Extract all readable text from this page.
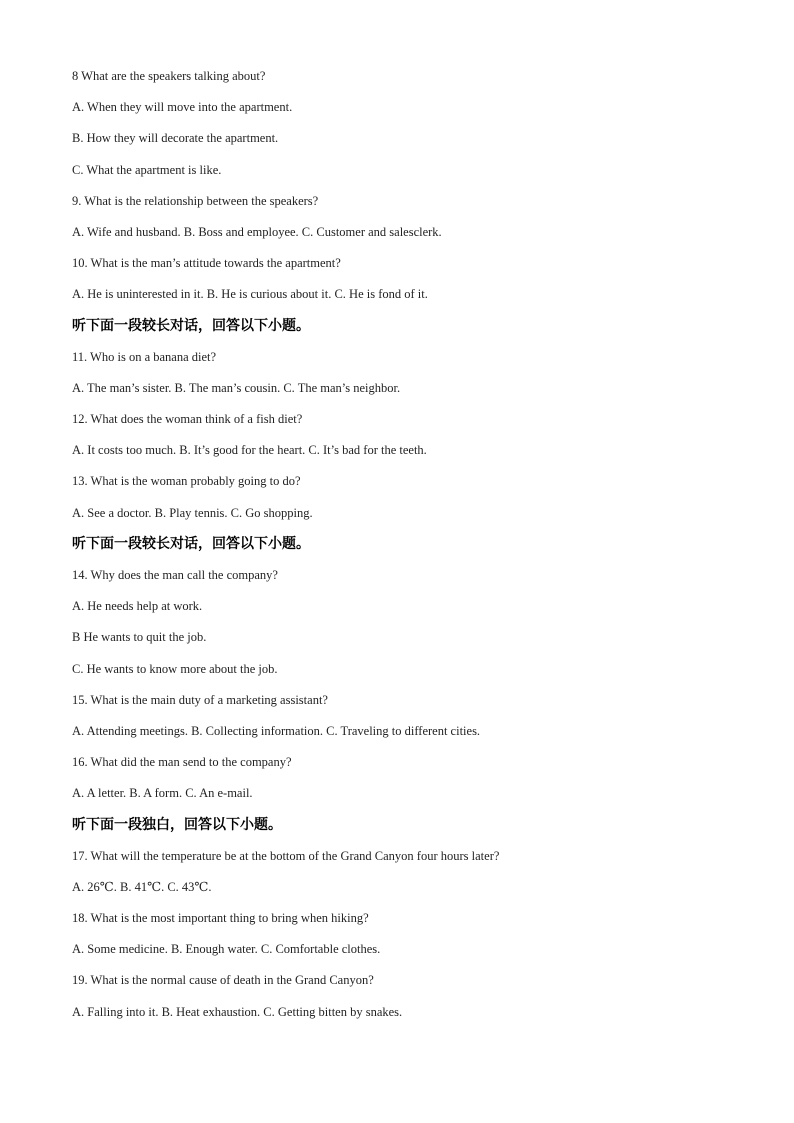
8 What are the speakers talking about?
A. When they will move into the apartment.
B. How they will decorate the apartment.
C. What the apartment is like.
9. What is the relationship between the speakers?
A. Wife and husband. B. Boss and employee. C. Customer and salesclerk.
10. What is the man’s attitude towards the apartment?
A. He is uninterested in it. B. He is curious about it. C. He is fond of it.
听下面一段较长对话，回答以下小题。
11. Who is on a banana diet?
A. The man’s sister. B. The man’s cousin. C. The man’s neighbor.
12. What does the woman think of a fish diet?
A. It costs too much. B. It’s good for the heart. C. It’s bad for the teeth.
13. What is the woman probably going to do?
A. See a doctor. B. Play tennis. C. Go shopping.
听下面一段较长对话，回答以下小题。
14. Why does the man call the company?
A. He needs help at work.
B He wants to quit the job.
C. He wants to know more about the job.
15. What is the main duty of a marketing assistant?
A. Attending meetings. B. Collecting information. C. Traveling to different cities.
16. What did the man send to the company?
A. A letter. B. A form. C. An e-mail.
听下面一段独白，回答以下小题。
17. What will the temperature be at the bottom of the Grand Canyon four hours later?
A. 26℃. B. 41℃. C. 43℃.
18. What is the most important thing to bring when hiking?
A. Some medicine. B. Enough water. C. Comfortable clothes.
19. What is the normal cause of death in the Grand Canyon?
A. Falling into it. B. Heat exhaustion. C. Getting bitten by snakes.
